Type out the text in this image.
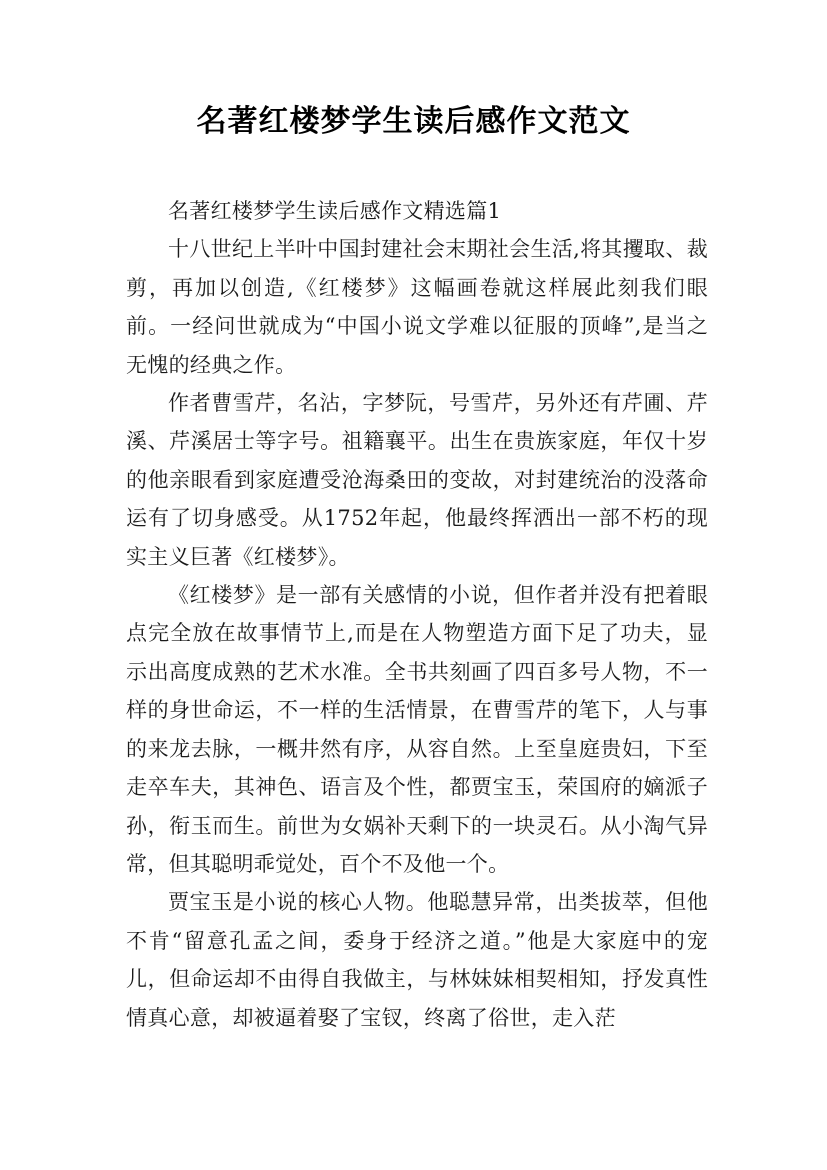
名著红楼梦学生读后感作文范文

名著红楼梦学生读后感作文精选篇1

十八世纪上半叶中国封建社会末期社会生活,将其攫取、裁剪，再加以创造,《红楼梦》这幅画卷就这样展此刻我们眼前。一经问世就成为“中国小说文学难以征服的顶峰”,是当之无愧的经典之作。

作者曹雪芹，名沾，字梦阮，号雪芹，另外还有芹圃、芹溪、芹溪居士等字号。祖籍襄平。出生在贵族家庭，年仅十岁的他亲眼看到家庭遭受沧海桑田的变故，对封建统治的没落命运有了切身感受。从1752年起，他最终挥洒出一部不朽的现实主义巨著《红楼梦》。

《红楼梦》是一部有关感情的小说，但作者并没有把着眼点完全放在故事情节上,而是在人物塑造方面下足了功夫，显示出高度成熟的艺术水准。全书共刻画了四百多号人物，不一样的身世命运，不一样的生活情景，在曹雪芹的笔下，人与事的来龙去脉，一概井然有序，从容自然。上至皇庭贵妇，下至走卒车夫，其神色、语言及个性，都贾宝玉，荣国府的嫡派子孙，衔玉而生。前世为女娲补天剩下的一块灵石。从小淘气异常，但其聪明乖觉处，百个不及他一个。

贾宝玉是小说的核心人物。他聪慧异常，出类拔萃，但他不肯“留意孔孟之间，委身于经济之道。”他是大家庭中的宠儿，但命运却不由得自我做主，与林妹妹相契相知，抒发真性情真心意，却被逼着娶了宝钗，终离了俗世，走入茫
